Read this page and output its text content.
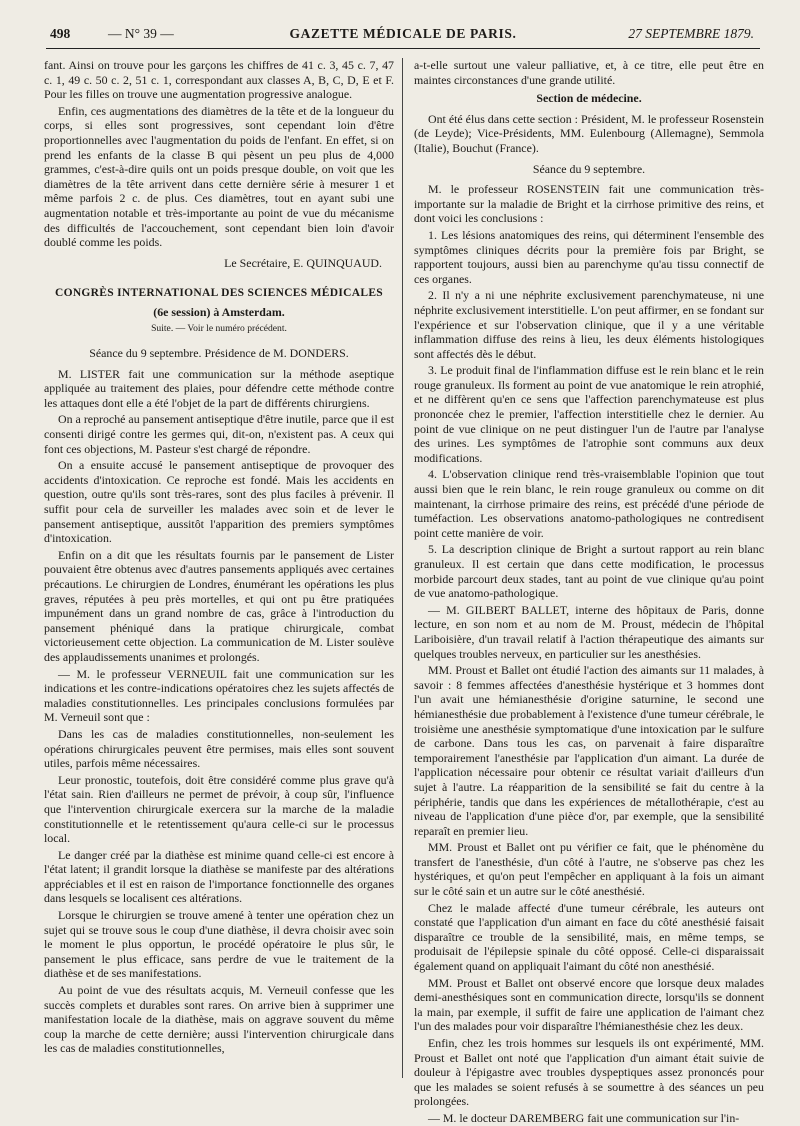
498	— N° 39 —	GAZETTE MÉDICALE DE PARIS.	27 SEPTEMBRE 1879.

fant. Ainsi on trouve pour les garçons les chiffres de 41 c. 3, 45 c. 7, 47 c. 1, 49 c. 50 c. 2, 51 c. 1, correspondant aux classes A, B, C, D, E et F. Pour les filles on trouve une augmentation progressive analogue.

Enfin, ces augmentations des diamètres de la tête et de la longueur du corps, si elles sont progressives, sont cependant loin d'être proportionnelles avec l'augmentation du poids de l'enfant. En effet, si on prend les enfants de la classe B qui pèsent un peu plus de 4,000 grammes, c'est-à-dire quils ont un poids presque double, on voit que les diamètres de la tête arrivent dans cette dernière série à mesurer 1 et même parfois 2 c. de plus. Ces diamètres, tout en ayant subi une augmentation notable et très-importante au point de vue du mécanisme des difficultés de l'accouchement, sont cependant bien loin d'avoir doublé comme les poids.

Le Secrétaire, E. QUINQUAUD.

CONGRÈS INTERNATIONAL DES SCIENCES MÉDICALES

(6e session) à Amsterdam.

Suite. — Voir le numéro précédent.

Séance du 9 septembre. Présidence de M. DONDERS.

M. LISTER fait une communication sur la méthode aseptique appliquée au traitement des plaies, pour défendre cette méthode contre les attaques dont elle a été l'objet de la part de différents chirurgiens.

On a reproché au pansement antiseptique d'être inutile, parce que il est consenti dirigé contre les germes qui, dit-on, n'existent pas. A ceux qui font ces objections, M. Pasteur s'est chargé de répondre.

On a ensuite accusé le pansement antiseptique de provoquer des accidents d'intoxication. Ce reproche est fondé. Mais les accidents en question, outre qu'ils sont très-rares, sont des plus faciles à prévenir. Il suffit pour cela de surveiller les malades avec soin et de lever le pansement antiseptique, aussitôt l'apparition des premiers symptômes d'intoxication.

Enfin on a dit que les résultats fournis par le pansement de Lister pouvaient être obtenus avec d'autres pansements appliqués avec certaines précautions. Le chirurgien de Londres, énumérant les opérations les plus graves, réputées à peu près mortelles, et qui ont pu être pratiquées impunément dans un grand nombre de cas, grâce à l'introduction du pansement phéniqué dans la pratique chirurgicale, combat victorieusement cette objection. La communication de M. Lister soulève des applaudissements unanimes et prolongés.

— M. le professeur VERNEUIL fait une communication sur les indications et les contre-indications opératoires chez les sujets affectés de maladies constitutionnelles. Les principales conclusions formulées par M. Verneuil sont que :

Dans les cas de maladies constitutionnelles, non-seulement les opérations chirurgicales peuvent être permises, mais elles sont souvent utiles, parfois même nécessaires.

Leur pronostic, toutefois, doit être considéré comme plus grave qu'à l'état sain. Rien d'ailleurs ne permet de prévoir, à coup sûr, l'influence que l'intervention chirurgicale exercera sur la marche de la maladie constitutionnelle et le retentissement qu'aura celle-ci sur le processus local.

Le danger créé par la diathèse est minime quand celle-ci est encore à l'état latent; il grandit lorsque la diathèse se manifeste par des altérations appréciables et il est en raison de l'importance fonctionnelle des organes dans lesquels se localisent ces altérations.

Lorsque le chirurgien se trouve amené à tenter une opération chez un sujet qui se trouve sous le coup d'une diathèse, il devra choisir avec soin le moment le plus opportun, le procédé opératoire le plus sûr, le pansement le plus efficace, sans perdre de vue le traitement de la diathèse et de ses manifestations.

Au point de vue des résultats acquis, M. Verneuil confesse que les succès complets et durables sont rares. On arrive bien à supprimer une manifestation locale de la diathèse, mais on aggrave souvent du même coup la marche de cette dernière; aussi l'intervention chirurgicale dans les cas de maladies constitutionnelles,

a-t-elle surtout une valeur palliative, et, à ce titre, elle peut être en maintes circonstances d'une grande utilité.

Section de médecine.

Ont été élus dans cette section : Président, M. le professeur Rosenstein (de Leyde); Vice-Présidents, MM. Eulenbourg (Allemagne), Semmola (Italie), Bouchut (France).

Séance du 9 septembre.

M. le professeur ROSENSTEIN fait une communication très-importante sur la maladie de Bright et la cirrhose primitive des reins, et dont voici les conclusions :

1. Les lésions anatomiques des reins, qui déterminent l'ensemble des symptômes cliniques décrits pour la première fois par Bright, se rapportent toujours, aussi bien au parenchyme qu'au tissu connectif de ces organes.

2. Il n'y a ni une néphrite exclusivement parenchymateuse, ni une néphrite exclusivement interstitielle. L'on peut affirmer, en se fondant sur l'expérience et sur l'observation clinique, que il y a une véritable inflammation diffuse des reins à lieu, les deux éléments histologiques sont affectés dès le début.

3. Le produit final de l'inflammation diffuse est le rein blanc et le rein rouge granuleux. Ils forment au point de vue anatomique le rein atrophié, et ne diffèrent qu'en ce sens que l'affection parenchymateuse est plus prononcée chez le premier, l'affection interstitielle chez le dernier. Au point de vue clinique on ne peut distinguer l'un de l'autre par l'analyse des urines. Les symptômes de l'atrophie sont communs aux deux modifications.

4. L'observation clinique rend très-vraisemblable l'opinion que tout aussi bien que le rein blanc, le rein rouge granuleux ou comme on dit maintenant, la cirrhose primaire des reins, est précédé d'une période de tuméfaction. Les observations anatomo-pathologiques ne contredisent point cette manière de voir.

5. La description clinique de Bright a surtout rapport au rein blanc granuleux. Il est certain que dans cette modification, le processus morbide parcourt deux stades, tant au point de vue clinique qu'au point de vue anatomo-pathologique.

— M. GILBERT BALLET, interne des hôpitaux de Paris, donne lecture, en son nom et au nom de M. Proust, médecin de l'hôpital Lariboisière, d'un travail relatif à l'action thérapeutique des aimants sur quelques troubles nerveux, en particulier sur les anesthésies.

MM. Proust et Ballet ont étudié l'action des aimants sur 11 malades, à savoir : 8 femmes affectées d'anesthésie hystérique et 3 hommes dont l'un avait une hémianesthésie d'origine saturnine, le second une hémianesthésie due probablement à l'existence d'une tumeur cérébrale, le troisième une anesthésie symptomatique d'une intoxication par le sulfure de carbone. Dans tous les cas, on parvenait à faire disparaître temporairement l'anesthésie par l'application d'un aimant. La durée de l'application nécessaire pour obtenir ce résultat variait d'ailleurs d'un sujet à l'autre. La réapparition de la sensibilité se fait du centre à la périphérie, tandis que dans les expériences de métallothérapie, c'est au niveau de l'application d'une pièce d'or, par exemple, que la sensibilité reparaît en premier lieu.

MM. Proust et Ballet ont pu vérifier ce fait, que le phénomène du transfert de l'anesthésie, d'un côté à l'autre, ne s'observe pas chez les hystériques, et qu'on peut l'empêcher en appliquant à la fois un aimant sur le côté sain et un autre sur le côté anesthésié.

Chez le malade affecté d'une tumeur cérébrale, les auteurs ont constaté que l'application d'un aimant en face du côté anesthésié faisait disparaître ce trouble de la sensibilité, mais, en même temps, se produisait de l'épilepsie spinale du côté opposé. Celle-ci disparaissait également quand on appliquait l'aimant du côté non anesthésié.

MM. Proust et Ballet ont observé encore que lorsque deux malades demi-anesthésiques sont en communication directe, lorsqu'ils se donnent la main, par exemple, il suffit de faire une application de l'aimant chez l'un des malades pour voir disparaître l'hémianesthésie chez les deux.

Enfin, chez les trois hommes sur lesquels ils ont expérimenté, MM. Proust et Ballet ont noté que l'application d'un aimant était suivie de douleur à l'épigastre avec troubles dyspeptiques assez prononcés pour que les malades se soient refusés à se soumettre à des séances un peu prolongées.

— M. le docteur DAREMBERG fait une communication sur l'in-
